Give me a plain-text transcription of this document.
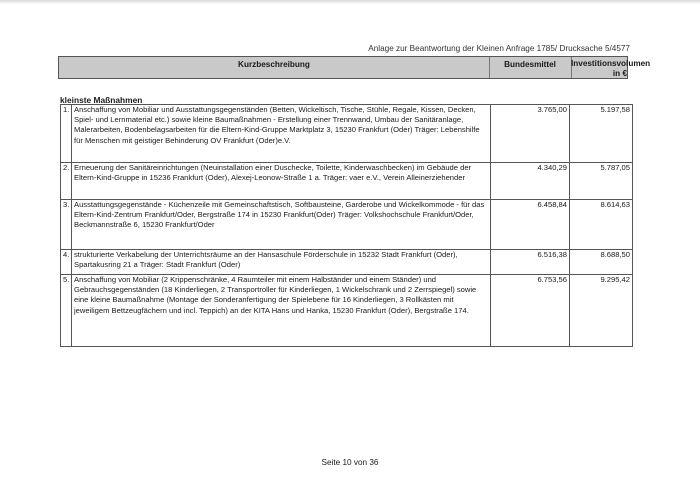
Anlage zur Beantwortung der Kleinen Anfrage 1785/ Drucksache 5/4577
Kurzbeschreibung	Bundesmittel	Investitionsvolumen in €
kleinste Maßnahmen
1.	Anschaffung von Mobiliar und Ausstattungsgegenständen (Betten, Wickeltisch, Tische, Stühle, Regale, Kissen, Decken, Spiel- und Lernmaterial etc.) sowie kleine Baumaßnahmen - Erstellung einer Trennwand, Umbau der Sanitäranlage, Malerarbeiten, Bodenbelagsarbeiten für die Eltern-Kind-Gruppe Marktplatz 3, 15230 Frankfurt (Oder) Träger: Lebenshilfe für Menschen mit geistiger Behinderung OV Frankfurt (Oder)e.V.	3.765,00	5.197,58
2.	Erneuerung der Sanitäreinrichtungen (Neuinstallation einer Duschecke, Toilette, Kinderwaschbecken) im Gebäude der Eltern-Kind-Gruppe in 15236 Frankfurt (Oder), Alexej-Leonow-Straße 1 a. Träger: vaer e.V., Verein Alleinerziehender	4.340,29	5.787,05
3.	Ausstattungsgegenstände - Küchenzeile mit Gemeinschaftstisch, Softbausteine, Garderobe und Wickelkommode - für das Eltern-Kind-Zentrum Frankfurt/Oder, Bergstraße 174 in 15230 Frankfurt(Oder) Träger: Volkshochschule Frankfurt/Oder, Beckmannstraße 6, 15230 Frankfurt/Oder	6.458,84	8.614,63
4.	strukturierte Verkabelung der Unterrichtsräume an der Hansaschule Förderschule in 15232 Stadt Frankfurt (Oder), Spartakusring 21 a Träger: Stadt Frankfurt (Oder)	6.516,38	8.688,50
5.	Anschaffung von Mobiliar (2 Krippenschränke, 4 Raumteiler mit einem Halbständer und einem Ständer) und Gebrauchsgegenständen (18 Kinderliegen, 2 Transportroller für Kinderliegen, 1 Wickelschrank und 2 Zerrspiegel) sowie eine kleine Baumaßnahme (Montage der Sonderanfertigung der Spielebene für 16 Kinderliegen, 3 Rollkästen mit jeweiligem Bettzeugfächern und incl. Teppich) an der KITA Hans und Hanka, 15230 Frankfurt (Oder), Bergstraße 174.	6.753,56	9.295,42
Seite 10 von 36
